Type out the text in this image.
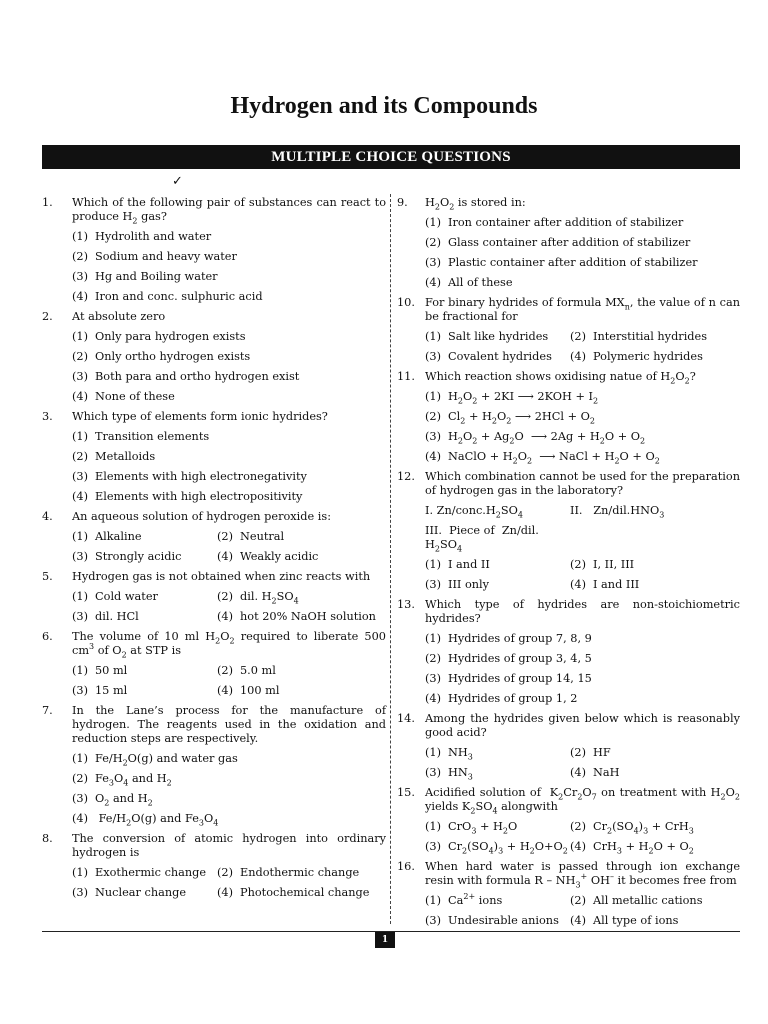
Hydrogen and its Compounds
MULTIPLE CHOICE QUESTIONS
✓
1.	Which of the following pair of substances can react to produce $H_2$ gas?
(1) Hydrolith and water
(2) Sodium and heavy water
(3) Hg and Boiling water
(4) Iron and conc. sulphuric acid
2.	At absolute zero
(1) Only para hydrogen exists
(2) Only ortho hydrogen exists
(3) Both para and ortho hydrogen exist
(4) None of these
3.	Which type of elements form ionic hydrides?
(1) Transition elements
(2) Metalloids
(3) Elements with high electronegativity
(4) Elements with high electropositivity
4.	An aqueous solution of hydrogen peroxide is:
(1) Alkaline	(2) Neutral
(3) Strongly acidic	(4) Weakly acidic
5.	Hydrogen gas is not obtained when zinc reacts with
(1) Cold water	(2) dil. $H_2SO_4$
(3) dil. HCl	(4) hot 20% NaOH solution
6.	The volume of 10 ml $H_2O_2$ required to liberate 500 $cm^3$ of $O_2$ at STP is
(1) 50 ml	(2) 5.0 ml
(3) 15 ml	(4) 100 ml
7.	In the Lane’s process for the manufacture of hydrogen. The reagents used in the oxidation and reduction steps are respectively.
(1) $Fe/H_2O(g)$ and water gas
(2) $Fe_3O_4$ and $H_2$
(3) $O_2$ and $H_2$
(4) $Fe/H_2O(g)$ and $Fe_3O_4$
8.	The conversion of atomic hydrogen into ordinary hydrogen is
(1) Exothermic change (2) Endothermic change
(3) Nuclear change	(4) Photochemical change
9.	$H_2O_2$ is stored in:
(1) Iron container after addition of stabilizer
(2) Glass container after addition of stabilizer
(3) Plastic container after addition of stabilizer
(4) All of these
10. For binary hydrides of formula $MX_n$, the value of n can be fractional for
(1) Salt like hydrides (2) Interstitial hydrides
(3) Covalent hydrides (4) Polymeric hydrides
11. Which reaction shows oxidising natue of $H_2O_2$?
(1) $H_2O_2 + 2KI$ ⟶ $2KOH + I_2$
(2) $Cl_2 + H_2O_2$ ⟶ $2HCl + O_2$
(3) $H_2O_2 + Ag_2O$  ⟶ $2Ag + H_2O + O_2$
(4) NaClO + $H_2O_2$  ⟶ NaCl + $H_2O + O_2$
12. Which combination cannot be used for the preparation of hydrogen gas in the laboratory?
I. $Zn/conc.H_2SO_4$	II.   $Zn/dil.HNO_3$
III.  Piece of  Zn/dil. $H_2SO_4$
(1) I and II	(2) I, II, III
(3) III only	(4) I and III
13. Which type of hydrides are non-stoichiometric hydrides?
(1) Hydrides of group 7, 8, 9
(2) Hydrides of group 3, 4, 5
(3) Hydrides of group 14, 15
(4) Hydrides of group 1, 2
14. Among the hydrides given below which is reasonably good acid?
(1) $NH_3$	(2) HF
(3) $HN_3$	(4) NaH
15. Acidified solution of  $K_2Cr_2O_7$ on treatment with $H_2O_2$ yields $K_2SO_4$ alongwith
(1) $CrO_3 + H_2O$	(2) $Cr_2(SO_4)_3 + CrH_3$
(3) $Cr_2(SO_4)_3 + H_2O+O_2$ (4) $CrH_3 + H_2O + O_2$
16. When hard water is passed through ion exchange resin with formula R – $NH_3^+$ OH– it becomes free from
(1) $Ca^{2+}$ ions	(2) All metallic cations
(3) Undesirable anions (4) All type of ions
1
